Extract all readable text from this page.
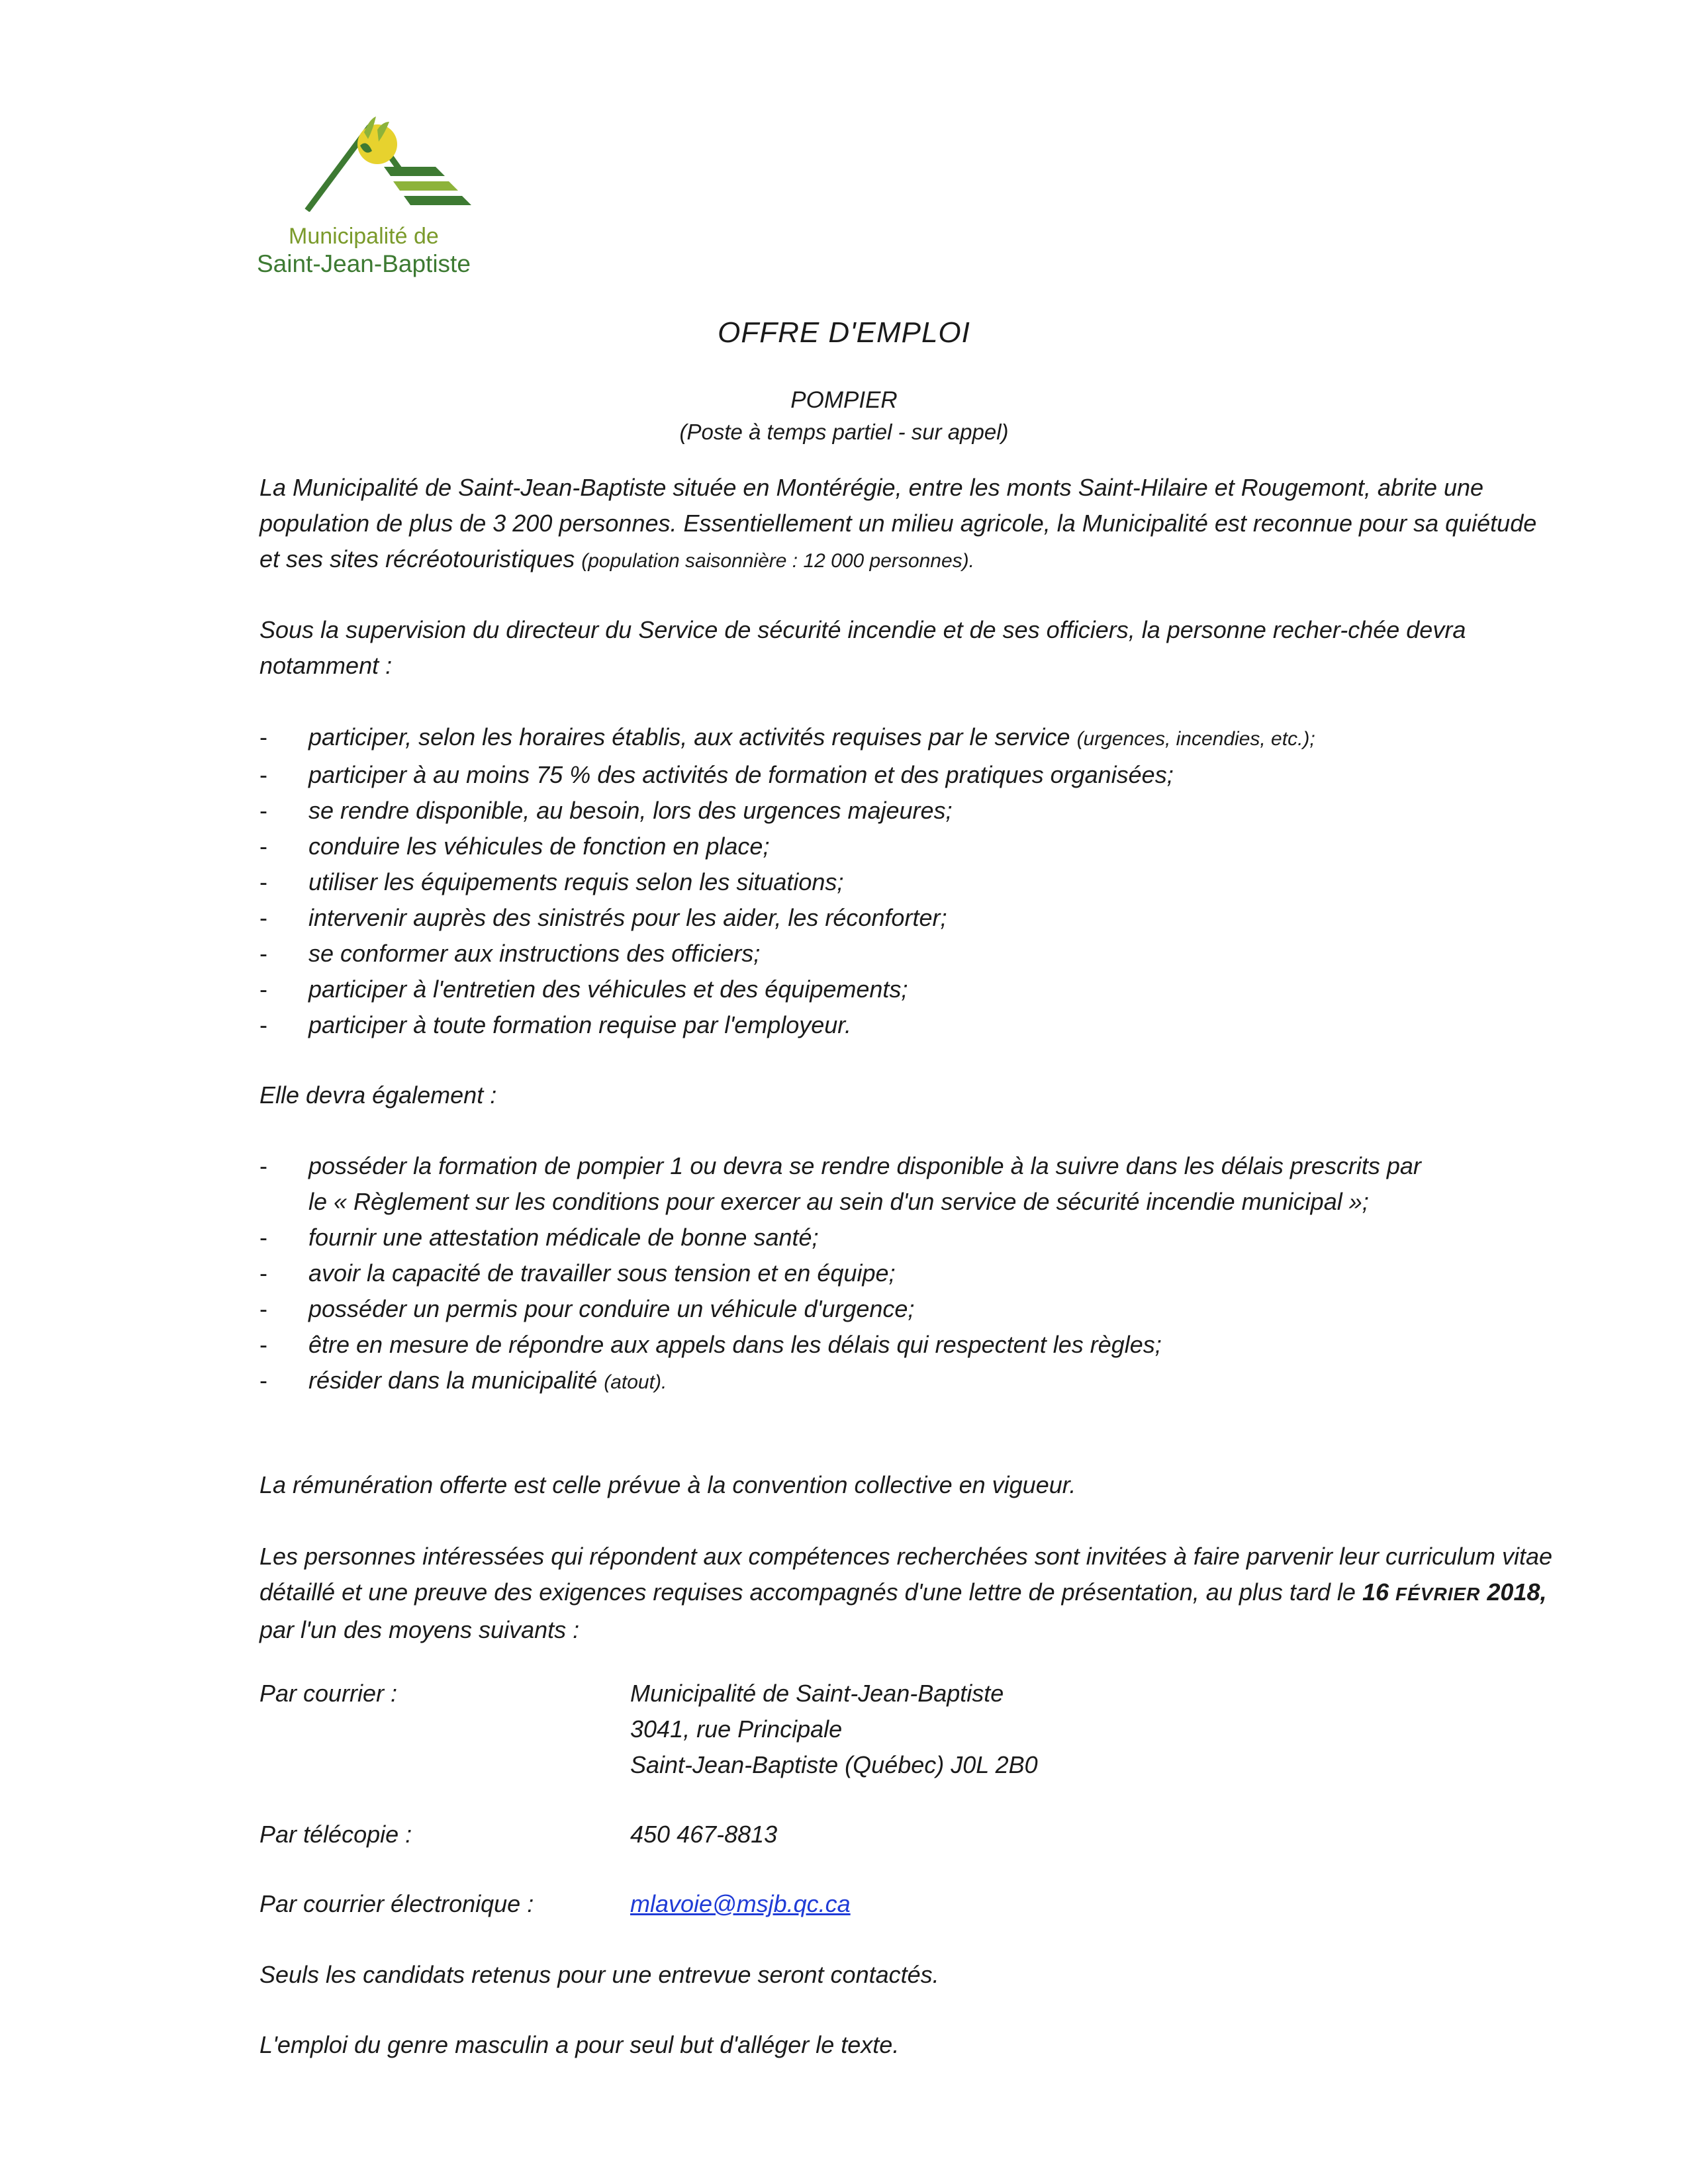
Municipalité de
Saint-Jean-Baptiste
OFFRE D'EMPLOI
POMPIER
(Poste à temps partiel - sur appel)
La Municipalité de Saint-Jean-Baptiste située en Montérégie, entre les monts Saint-Hilaire et Rougemont, abrite une population de plus de 3 200 personnes. Essentiellement un milieu agricole, la Municipalité est reconnue pour sa quiétude et ses sites récréotouristiques (population saisonnière : 12 000 personnes).
Sous la supervision du directeur du Service de sécurité incendie et de ses officiers, la personne recher-chée devra notamment :
- participer, selon les horaires établis, aux activités requises par le service (urgences, incendies, etc.);
- participer à au moins 75 % des activités de formation et des pratiques organisées;
- se rendre disponible, au besoin, lors des urgences majeures;
- conduire les véhicules de fonction en place;
- utiliser les équipements requis selon les situations;
- intervenir auprès des sinistrés pour les aider, les réconforter;
- se conformer aux instructions des officiers;
- participer à l'entretien des véhicules et des équipements;
- participer à toute formation requise par l'employeur.
Elle devra également :
- posséder la formation de pompier 1 ou devra se rendre disponible à la suivre dans les délais prescrits par le « Règlement sur les conditions pour exercer au sein d'un service de sécurité incendie municipal »;
- fournir une attestation médicale de bonne santé;
- avoir la capacité de travailler sous tension et en équipe;
- posséder un permis pour conduire un véhicule d'urgence;
- être en mesure de répondre aux appels dans les délais qui respectent les règles;
- résider dans la municipalité (atout).
La rémunération offerte est celle prévue à la convention collective en vigueur.
Les personnes intéressées qui répondent aux compétences recherchées sont invitées à faire parvenir leur curriculum vitae détaillé et une preuve des exigences requises accompagnés d'une lettre de présentation, au plus tard le 16 FÉVRIER 2018, par l'un des moyens suivants :
Par courrier :	Municipalité de Saint-Jean-Baptiste
3041, rue Principale
Saint-Jean-Baptiste (Québec) J0L 2B0
Par télécopie :	450 467-8813
Par courrier électronique :	mlavoie@msjb.qc.ca
Seuls les candidats retenus pour une entrevue seront contactés.
L'emploi du genre masculin a pour seul but d'alléger le texte.
